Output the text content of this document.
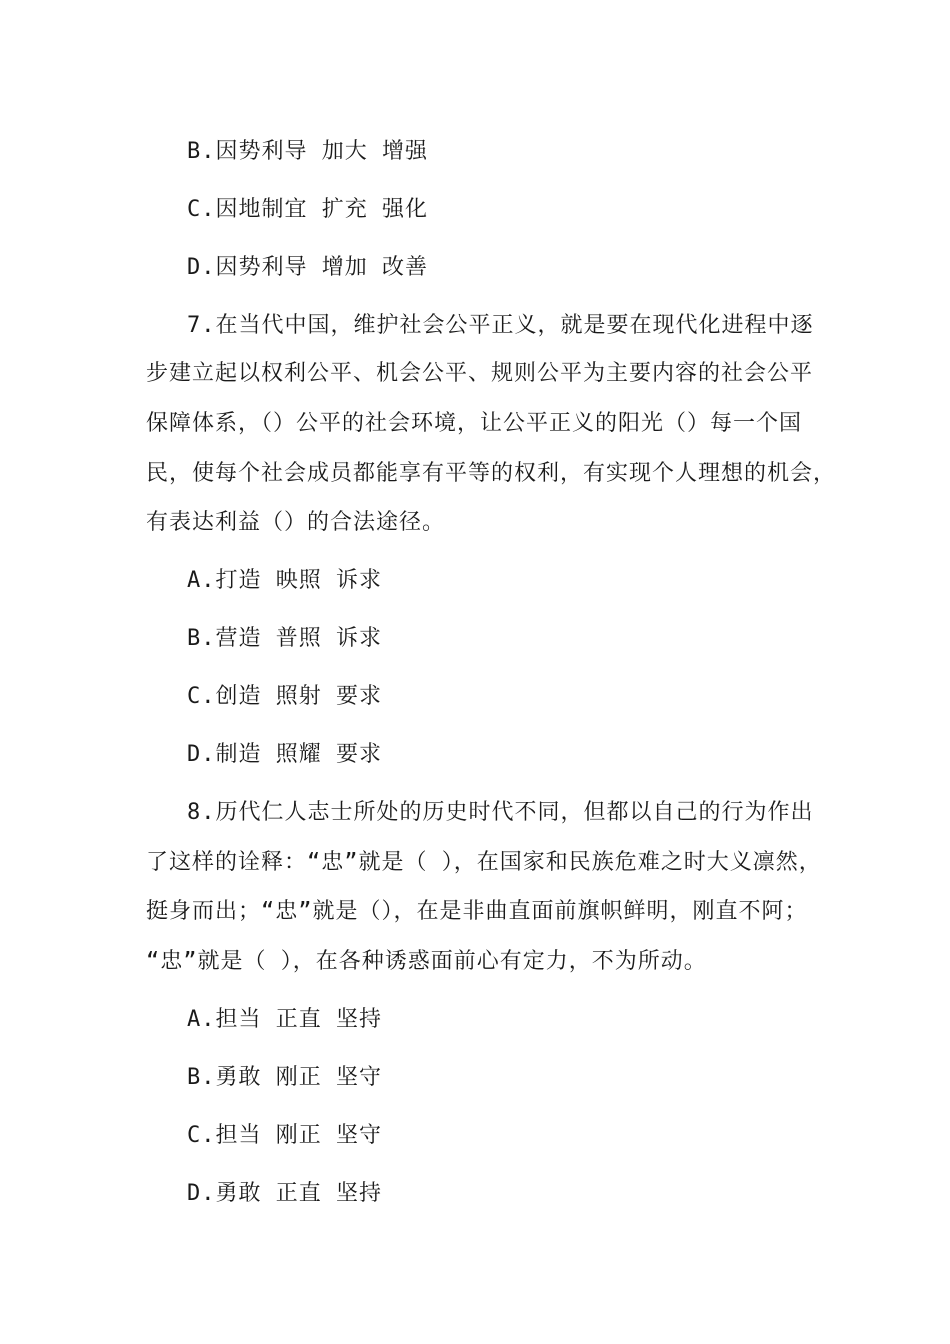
B.因势利导 加大 增强
C.因地制宜 扩充 强化
D.因势利导 增加 改善
7.在当代中国，维护社会公平正义，就是要在现代化进程中逐
步建立起以权利公平、机会公平、规则公平为主要内容的社会公平
保障体系，（）公平的社会环境，让公平正义的阳光（）每一个国
民，使每个社会成员都能享有平等的权利，有实现个人理想的机会，
有表达利益（）的合法途径。
A.打造 映照 诉求
B.营造 普照 诉求
C.创造 照射 要求
D.制造 照耀 要求
8.历代仁人志士所处的历史时代不同，但都以自己的行为作出
了这样的诠释：“忠”就是（ ），在国家和民族危难之时大义凛然，
挺身而出；“忠”就是（），在是非曲直面前旗帜鲜明，刚直不阿；
“忠”就是（ ），在各种诱惑面前心有定力，不为所动。
A.担当 正直 坚持
B.勇敢 刚正 坚守
C.担当 刚正 坚守
D.勇敢 正直 坚持
